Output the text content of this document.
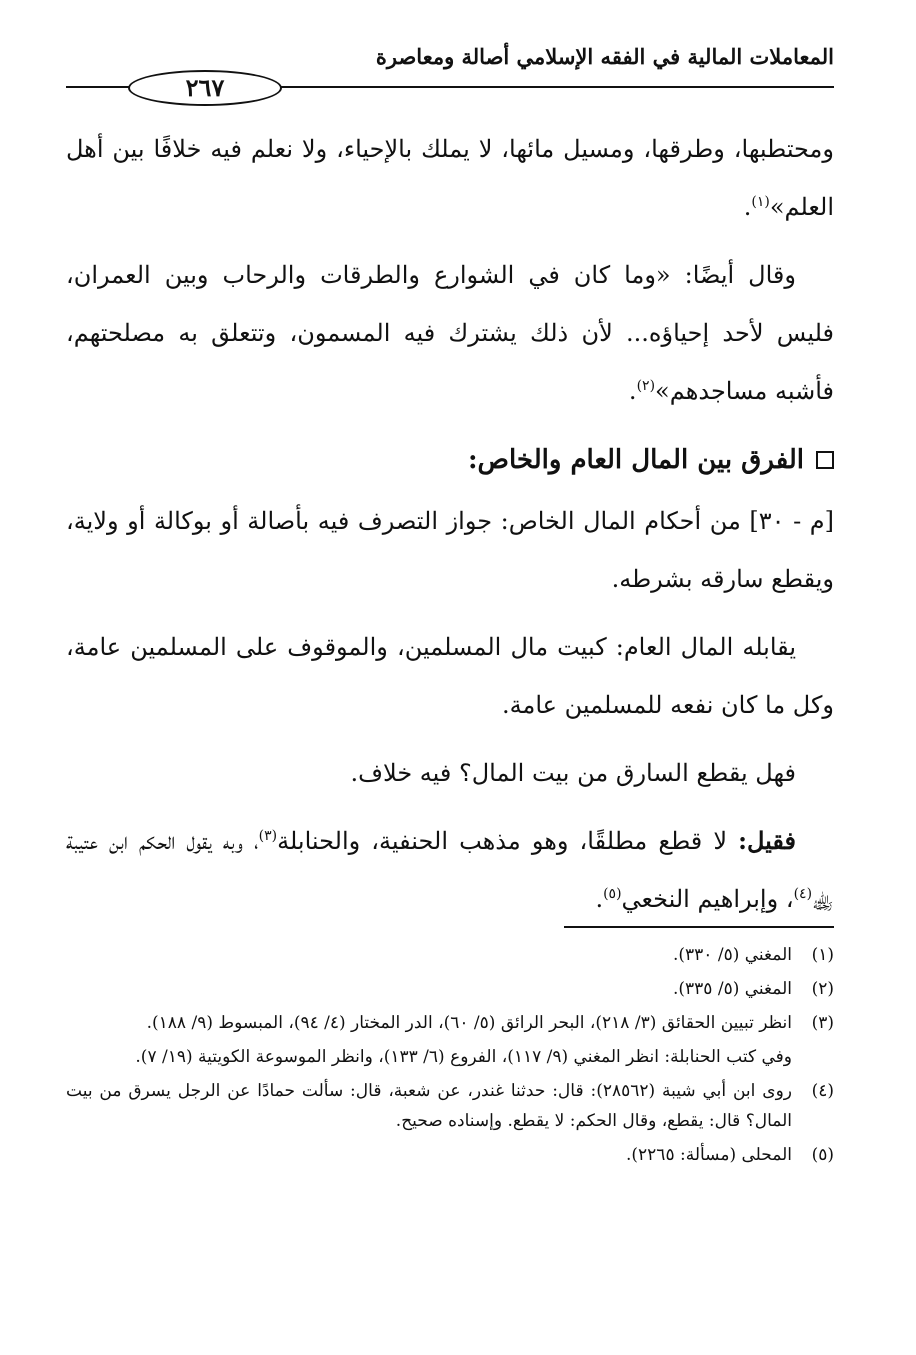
المعاملات المالية في الفقه الإسلامي أصالة ومعاصرة
٢٦٧

ومحتطبها، وطرقها، ومسيل مائها، لا يملك بالإحياء، ولا نعلم فيه خلافًا بين أهل العلم»$^{(١)}$.

وقال أيضًا: «وما كان في الشوارع والطرقات والرحاب وبين العمران، فليس لأحد إحياؤه... لأن ذلك يشترك فيه المسمون، وتتعلق به مصلحتهم، فأشبه مساجدهم»$^{(٢)}$.

الفرق بين المال العام والخاص:

[م - ٣٠] من أحكام المال الخاص: جواز التصرف فيه بأصالة أو بوكالة أو ولاية، ويقطع سارقه بشرطه.

يقابله المال العام: كبيت مال المسلمين، والموقوف على المسلمين عامة، وكل ما كان نفعه للمسلمين عامة.

فهل يقطع السارق من بيت المال؟ فيه خلاف.

فقيل: لا قطع مطلقًا، وهو مذهب الحنفية، والحنابلة$^{(٣)}$، وبه يقول الحكم ابن عتيبة ﵀$^{(٤)}$، وإبراهيم النخعي$^{(٥)}$.

(١)
المغني (٥/ ٣٣٠).
(٢)
المغني (٥/ ٣٣٥).
(٣)
انظر تبيين الحقائق (٣/ ٢١٨)، البحر الرائق (٥/ ٦٠)، الدر المختار (٤/ ٩٤)، المبسوط (٩/ ١٨٨).
وفي كتب الحنابلة: انظر المغني (٩/ ١١٧)، الفروع (٦/ ١٣٣)، وانظر الموسوعة الكويتية (١٩/ ٧).
(٤)
روى ابن أبي شيبة (٢٨٥٦٢): قال: حدثنا غندر، عن شعبة، قال: سألت حمادًا عن الرجل يسرق من بيت المال؟ قال: يقطع، وقال الحكم: لا يقطع. وإسناده صحيح.
(٥)
المحلى (مسألة: ٢٢٦٥).
